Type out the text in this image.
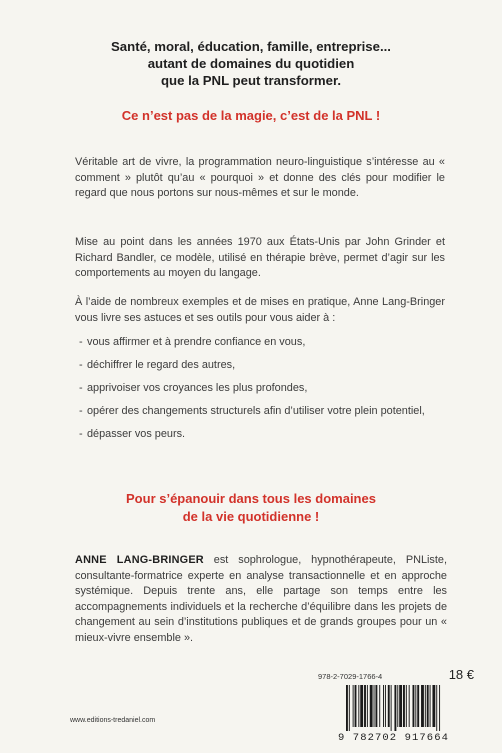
Santé, moral, éducation, famille, entreprise...
autant de domaines du quotidien
que la PNL peut transformer.
Ce n’est pas de la magie, c’est de la PNL !
Véritable art de vivre, la programmation neuro-linguistique s’intéresse au « comment » plutôt qu’au « pourquoi » et donne des clés pour modifier le regard que nous portons sur nous-mêmes et sur le monde.
Mise au point dans les années 1970 aux États-Unis par John Grinder et Richard Bandler, ce modèle, utilisé en thérapie brève, permet d’agir sur les comportements au moyen du langage.
À l’aide de nombreux exemples et de mises en pratique, Anne Lang-Bringer vous livre ses astuces et ses outils pour vous aider à :
- vous affirmer et à prendre confiance en vous,
- déchiffrer le regard des autres,
- apprivoiser vos croyances les plus profondes,
- opérer des changements structurels afin d’utiliser votre plein potentiel,
- dépasser vos peurs.
Pour s’épanouir dans tous les domaines
de la vie quotidienne !
ANNE LANG-BRINGER est sophrologue, hypnothérapeute, PNListe, consultante-formatrice experte en analyse transactionnelle et en approche systémique. Depuis trente ans, elle partage son temps entre les accompagnements individuels et la recherche d’équilibre dans les projets de changement au sein d’institutions publiques et de grands groupes pour un « mieux-vivre ensemble ».
978-2-7029-1766-4	18 €
9 782702 917664
www.editions-tredaniel.com
